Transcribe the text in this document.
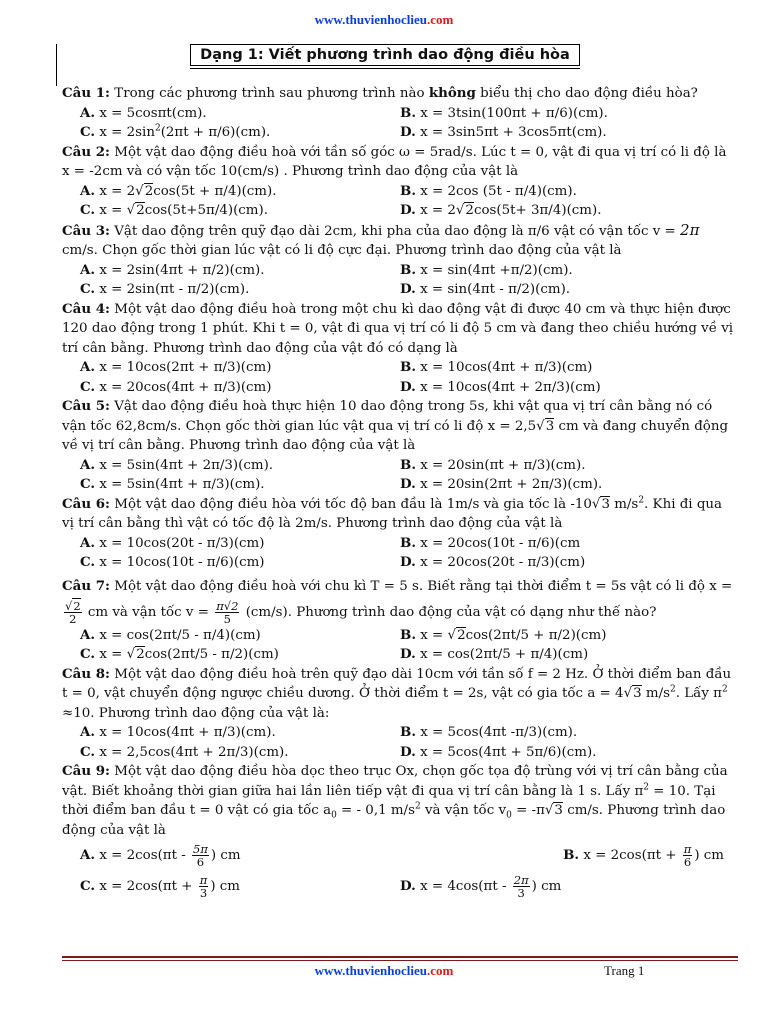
www.thuvienhoclieu.com
Dạng 1: Viết phương trình dao động điều hòa

Câu 1: Trong các phương trình sau phương trình nào không biểu thị cho dao động điều hòa?

A. x = 5cosπt(cm).	B. x = 3tsin(100πt + π/6)(cm).
C. $x = 2\sin^2(2\pi t + \pi/6)(cm)$.	D. x = 3sin5πt + 3cos5πt(cm).

Câu 2: Một vật dao động điều hoà với tần số góc ω = 5rad/s. Lúc t = 0, vật đi qua vị trí có li độ là x = -2cm và có vận tốc 10(cm/s) . Phương trình dao động của vật là

A. x = 2√2cos(5t + π/4)(cm).	B. x = 2cos (5t - π/4)(cm).
C. x = √2cos(5t+5π/4)(cm).	D. x = 2√2cos(5t+ 3π/4)(cm).

Câu 3: Vật dao động trên quỹ đạo dài 2cm, khi pha của dao động là π/6 vật có vận tốc v = 2π cm/s. Chọn gốc thời gian lúc vật có li độ cực đại. Phương trình dao động của vật là

A. x = 2sin(4πt + π/2)(cm).	B. x = sin(4πt +π/2)(cm).
C. x = 2sin(πt - π/2)(cm).	D. x = sin(4πt - π/2)(cm).

Câu 4: Một vật dao động điều hoà trong một chu kì dao động vật đi được 40 cm và thực hiện được 120 dao động trong 1 phút. Khi t = 0, vật đi qua vị trí có li độ 5 cm và đang theo chiều hướng về vị trí cân bằng. Phương trình dao động của vật đó có dạng là

A. x = 10cos(2πt + π/3)(cm)	B. x = 10cos(4πt + π/3)(cm)
C. x = 20cos(4πt + π/3)(cm)	D. x = 10cos(4πt + 2π/3)(cm)

Câu 5: Vật dao động điều hoà thực hiện 10 dao động trong 5s, khi vật qua vị trí cân bằng nó có vận tốc 62,8cm/s. Chọn gốc thời gian lúc vật qua vị trí có li độ x = 2,5√3 cm và đang chuyển động về vị trí cân bằng. Phương trình dao động của vật là

A. x = 5sin(4πt + 2π/3)(cm).	B. x = 20sin(πt + π/3)(cm).
C. x = 5sin(4πt + π/3)(cm).	D. x = 20sin(2πt + 2π/3)(cm).

Câu 6: Một vật dao động điều hòa với tốc độ ban đầu là 1m/s và gia tốc là -10√3 $m/s^2$. Khi đi qua vị trí cân bằng thì vật có tốc độ là 2m/s. Phương trình dao động của vật là

A. x = 10cos(20t - π/3)(cm)	B. x = 20cos(10t - π/6)(cm
C. x = 10cos(10t - π/6)(cm)	D. x = 20cos(20t - π/3)(cm)

Câu 7: Một vật dao động điều hoà với chu kì T = 5 s. Biết rằng tại thời điểm t = 5s vật có li độ x =
$\frac{√2}{2}$ cm và vận tốc $v = \frac{\pi√2}{5} (cm/s)$. Phương trình dao động của vật có dạng như thế nào?

A. x = cos(2πt/5 - π/4)(cm)	B. x = √2cos(2πt/5 + π/2)(cm)
C. x = √2cos(2πt/5 - π/2)(cm)	D. x = cos(2πt/5 + π/4)(cm)

Câu 8: Một vật dao động điều hoà trên quỹ đạo dài 10cm với tần số f = 2 Hz. Ở thời điểm ban đầu t = 0, vật chuyển động ngược chiều dương. Ở thời điểm t = 2s, vật có gia tốc a = 4√3 $m/s^2$. Lấy $\pi^2 \approx 10$. Phương trình dao động của vật là:

A. x = 10cos(4πt + π/3)(cm).	B. x = 5cos(4πt -π/3)(cm).
C. x = 2,5cos(4πt + 2π/3)(cm).	D. x = 5cos(4πt + 5π/6)(cm).

Câu 9: Một vật dao động điều hòa dọc theo trục Ox, chọn gốc tọa độ trùng với vị trí cân bằng của vật. Biết khoảng thời gian giữa hai lần liên tiếp vật đi qua vị trí cân bằng là 1 s. Lấy $\pi^2 = 10$. Tại thời điểm ban đầu t = 0 vật có gia tốc $a_0$ = - 0,1 $m/s^2$ và vận tốc $v_0 = -\pi√3$ cm/s. Phương trình dao động của vật là

A. $x = 2\cos(\pi t - \frac{5\pi}{6}$ ) cm	B. $x = 2\cos(\pi t + \frac{\pi}{6}$ ) cm
C. $x = 2\cos(\pi t + \frac{\pi}{3}$ ) cm	D. $x = 4\cos(\pi t - \frac{2\pi}{3}$ ) cm
www.thuvienhoclieu.com	Trang 1
